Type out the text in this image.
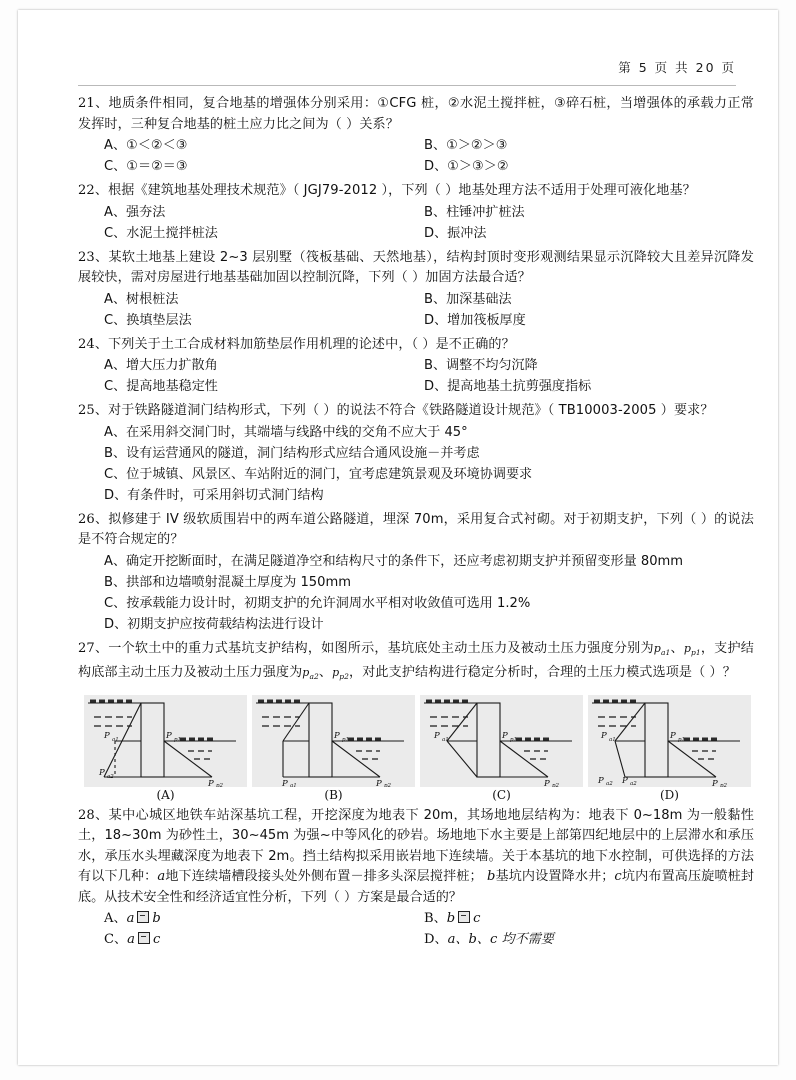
第 5 页 共 20 页
21、地质条件相同，复合地基的增强体分别采用：①CFG 桩，②水泥土搅拌桩，③碎石桩，当增强体的承载力正常发挥时，三种复合地基的桩土应力比之间为（ ）关系？
A、①＜②＜③	B、①＞②＞③
C、①＝②＝③	D、①＞③＞②
22、根据《建筑地基处理技术规范》（ JGJ79-2012 ），下列（ ）地基处理方法不适用于处理可液化地基？
A、强夯法	B、柱锤冲扩桩法
C、水泥土搅拌桩法	D、振冲法
23、某软土地基上建设 2~3 层别墅（筏板基础、天然地基），结构封顶时变形观测结果显示沉降较大且差异沉降发展较快，需对房屋进行地基基础加固以控制沉降，下列（ ）加固方法最合适？
A、树根桩法	B、加深基础法
C、换填垫层法	D、增加筏板厚度
24、下列关于土工合成材料加筋垫层作用机理的论述中，（ ）是不正确的？
A、增大压力扩散角	B、调整不均匀沉降
C、提高地基稳定性	D、提高地基土抗剪强度指标
25、对于铁路隧道洞门结构形式，下列（ ）的说法不符合《铁路隧道设计规范》（ TB10003-2005 ）要求？
A、在采用斜交洞门时，其端墙与线路中线的交角不应大于 45°
B、设有运营通风的隧道，洞门结构形式应结合通风设施－并考虑
C、位于城镇、风景区、车站附近的洞门，宜考虑建筑景观及环境协调要求
D、有条件时，可采用斜切式洞门结构
26、拟修建于 IV 级软质围岩中的两车道公路隧道，埋深 70m，采用复合式衬砌。对于初期支护，下列（ ）的说法是不符合规定的？
A、确定开挖断面时，在满足隧道净空和结构尺寸的条件下，还应考虑初期支护并预留变形量 80mm
B、拱部和边墙喷射混凝土厚度为 150mm
C、按承载能力设计时，初期支护的允许洞周水平相对收敛值可选用 1.2%
D、初期支护应按荷载结构法进行设计
27、一个软土中的重力式基坑支护结构，如图所示，基坑底处主动土压力及被动土压力强度分别为$p_{a1}$、$p_{p1}$，支护结构底部主动土压力及被动土压力强度为$p_{a2}$、$p_{p2}$，对此支护结构进行稳定分析时，合理的土压力模式选项是（ ）？
P a1
P a2
P p1
P p2
(A)
P a1
P p1
P p2
(B)
P a1	P p1
P p2
(C)
P a1
P a2 P a2
P p1
P p2
(D)
28、某中心城区地铁车站深基坑工程，开挖深度为地表下 20m，其场地地层结构为：地表下 0~18m 为一般黏性土，18~30m 为砂性土，30~45m 为强~中等风化的砂岩。场地地下水主要是上部第四纪地层中的上层滞水和承压水，承压水头埋藏深度为地表下 2m。挡土结构拟采用嵌岩地下连续墙。关于本基坑的地下水控制，可供选择的方法有以下几种：a地下连续墙槽段接头处外侧布置－排多头深层搅拌桩； b基坑内设置降水井；c坑内布置高压旋喷桩封底。从技术安全性和经济适宜性分析，下列（ ）方案是最合适的？
A、a b	B、b c
C、a c	D、a、b、c 均不需要
